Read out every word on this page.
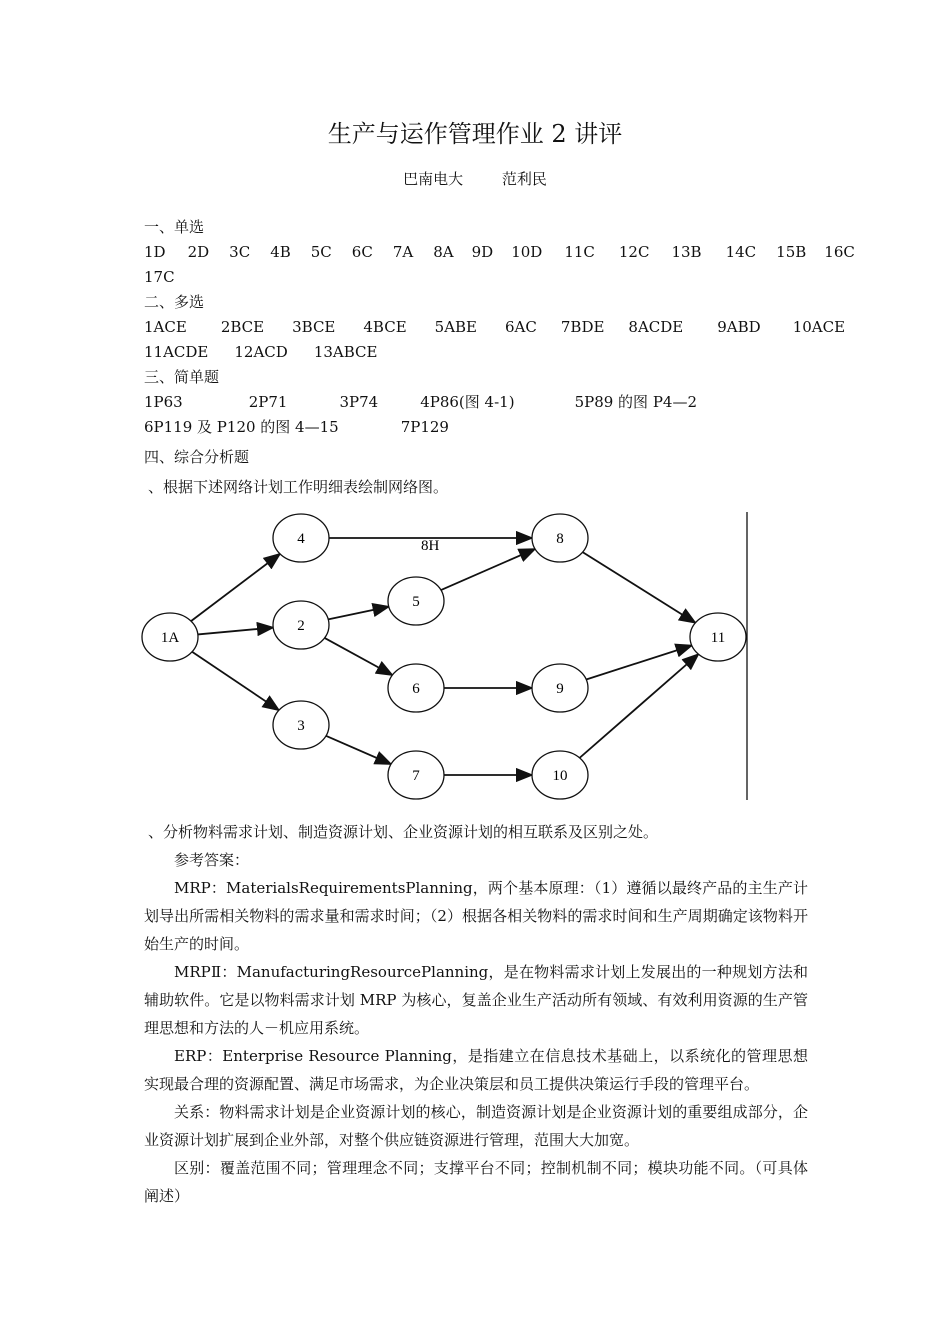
生产与运作管理作业 2 讲评
巴南电大	范利民
一、单选
1D 2D 3C 4B 5C 6C 7A 8A 9D 10D 11C 12C 13B 14C 15B 16C
17C
二、多选
1ACE 2BCE 3BCE 4BCE 5ABE 6AC 7BDE 8ACDE 9ABD 10ACE
11ACDE 12ACD 13ABCE
三、简单题
1P63	2P71	3P74	4P86(图 4-1)	5P89 的图 P4—2
6P119 及 P120 的图 4—15	7P129
四、综合分析题
、根据下述网络计划工作明细表绘制网络图。
1A
2
3
4
5
6
7
8
9
10
11
8H
、分析物料需求计划、制造资源计划、企业资源计划的相互联系及区别之处。

参考答案：

MRP：MaterialsRequirementsPlanning，两个基本原理：（1）遵循以最终产品的主生产计划导出所需相关物料的需求量和需求时间；（2）根据各相关物料的需求时间和生产周期确定该物料开始生产的时间。

MRPⅡ：ManufacturingResourcePlanning，是在物料需求计划上发展出的一种规划方法和辅助软件。它是以物料需求计划 MRP 为核心，复盖企业生产活动所有领域、有效利用资源的生产管理思想和方法的人－机应用系统。

ERP：Enterprise Resource Planning，是指建立在信息技术基础上，以系统化的管理思想实现最合理的资源配置、满足市场需求，为企业决策层和员工提供决策运行手段的管理平台。

关系：物料需求计划是企业资源计划的核心，制造资源计划是企业资源计划的重要组成部分，企业资源计划扩展到企业外部，对整个供应链资源进行管理，范围大大加宽。

区别：覆盖范围不同；管理理念不同；支撑平台不同；控制机制不同；模块功能不同。（可具体阐述）
